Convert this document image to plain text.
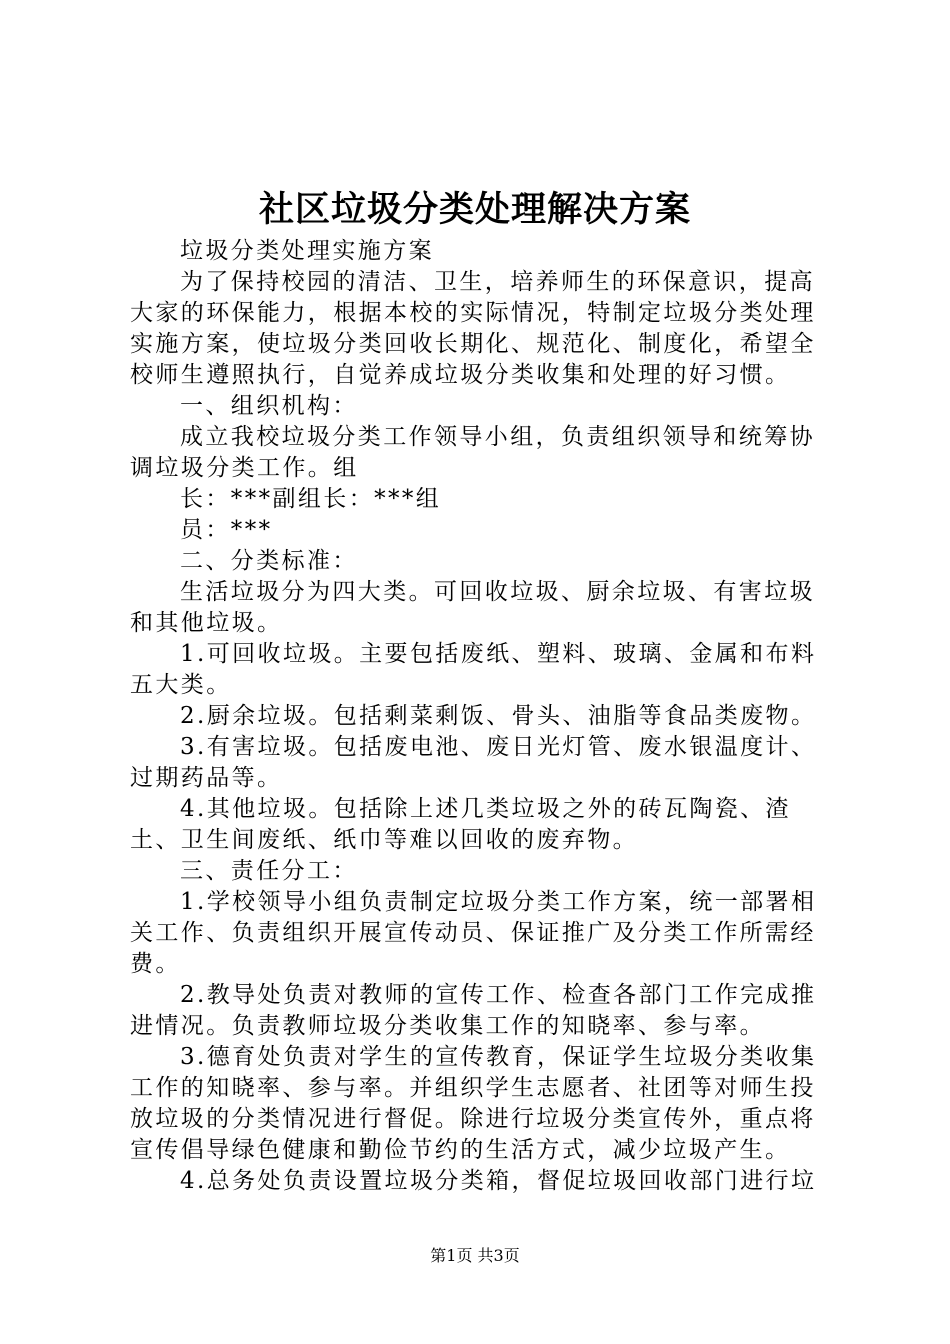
社区垃圾分类处理解决方案

垃圾分类处理实施方案

为了保持校园的清洁、卫生，培养师生的环保意识，提高大家的环保能力，根据本校的实际情况，特制定垃圾分类处理实施方案，使垃圾分类回收长期化、规范化、制度化，希望全校师生遵照执行，自觉养成垃圾分类收集和处理的好习惯。

一、组织机构：

成立我校垃圾分类工作领导小组，负责组织领导和统筹协调垃圾分类工作。组

长：***副组长：***组

员：***

二、分类标准：

生活垃圾分为四大类。可回收垃圾、厨余垃圾、有害垃圾和其他垃圾。

1.可回收垃圾。主要包括废纸、塑料、玻璃、金属和布料五大类。

2.厨余垃圾。包括剩菜剩饭、骨头、油脂等食品类废物。

3.有害垃圾。包括废电池、废日光灯管、废水银温度计、过期药品等。

4.其他垃圾。包括除上述几类垃圾之外的砖瓦陶瓷、渣土、卫生间废纸、纸巾等难以回收的废弃物。

三、责任分工：

1.学校领导小组负责制定垃圾分类工作方案，统一部署相关工作、负责组织开展宣传动员、保证推广及分类工作所需经费。

2.教导处负责对教师的宣传工作、检查各部门工作完成推进情况。负责教师垃圾分类收集工作的知晓率、参与率。

3.德育处负责对学生的宣传教育，保证学生垃圾分类收集工作的知晓率、参与率。并组织学生志愿者、社团等对师生投放垃圾的分类情况进行督促。除进行垃圾分类宣传外，重点将宣传倡导绿色健康和勤俭节约的生活方式，减少垃圾产生。

4.总务处负责设置垃圾分类箱，督促垃圾回收部门进行垃

第1页 共3页
